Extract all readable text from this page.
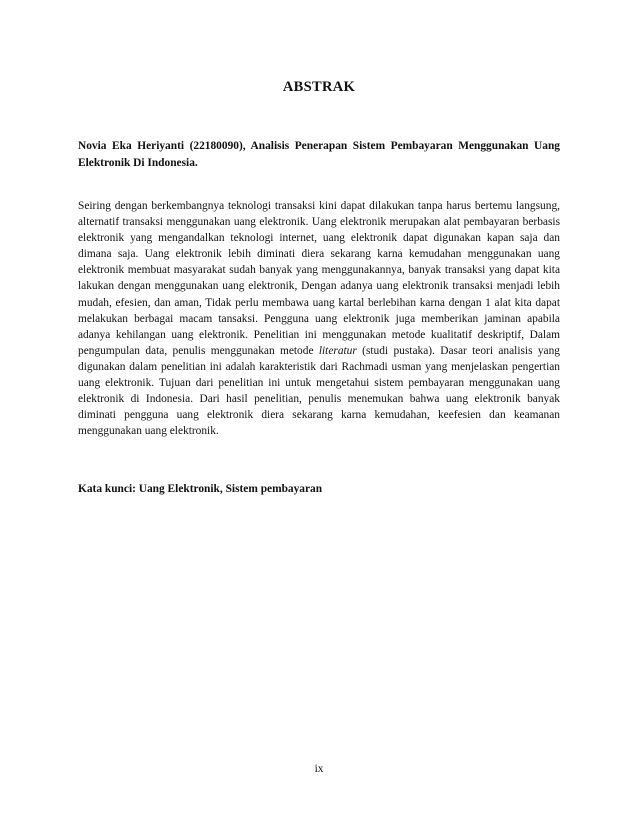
ABSTRAK
Novia Eka Heriyanti (22180090), Analisis Penerapan Sistem Pembayaran Menggunakan Uang Elektronik Di Indonesia.
Seiring dengan berkembangnya teknologi transaksi kini dapat dilakukan tanpa harus bertemu langsung, alternatif transaksi menggunakan uang elektronik. Uang elektronik merupakan alat pembayaran berbasis elektronik yang mengandalkan teknologi internet, uang elektronik dapat digunakan kapan saja dan dimana saja. Uang elektronik lebih diminati diera sekarang karna kemudahan menggunakan uang elektronik membuat masyarakat sudah banyak yang menggunakannya, banyak transaksi yang dapat kita lakukan dengan menggunakan uang elektronik, Dengan adanya uang elektronik transaksi menjadi lebih mudah, efesien, dan aman, Tidak perlu membawa uang kartal berlebihan karna dengan 1 alat kita dapat melakukan berbagai macam tansaksi. Pengguna uang elektronik juga memberikan jaminan apabila adanya kehilangan uang elektronik. Penelitian ini menggunakan metode kualitatif deskriptif, Dalam pengumpulan data, penulis menggunakan metode literatur (studi pustaka). Dasar teori analisis yang digunakan dalam penelitian ini adalah karakteristik dari Rachmadi usman yang menjelaskan pengertian uang elektronik. Tujuan dari penelitian ini untuk mengetahui sistem pembayaran menggunakan uang elektronik di Indonesia. Dari hasil penelitian, penulis menemukan bahwa uang elektronik banyak diminati pengguna uang elektronik diera sekarang karna kemudahan, keefesien dan keamanan menggunakan uang elektronik.
Kata kunci: Uang Elektronik, Sistem pembayaran
ix
